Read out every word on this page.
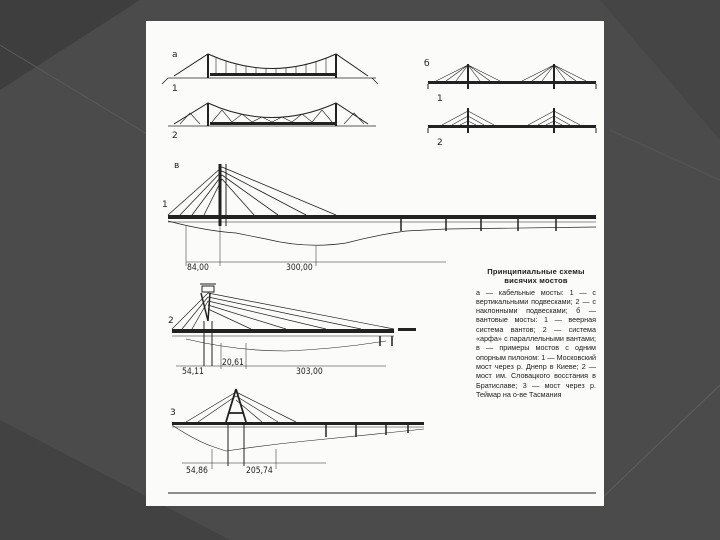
а
1
2
б
1
2
в
1
84,00	300,00
2
54,11
20,61
303,00
3
54,86	205,74
Принципиальные схемы висячих мостов
а — кабельные мосты: 1 — с вертикальными подвесками; 2 — с наклонными подвесками; б — вантовые мосты: 1 — веерная система вантов; 2 — система «арфа» с параллельными вантами; в — примеры мостов с одним опорным пилоном: 1 — Московский мост через р. Днепр в Киеве; 2 — мост им. Словацкого восстания в Братиславе; 3 — мост через р. Теймар на о-ве Тасмания
